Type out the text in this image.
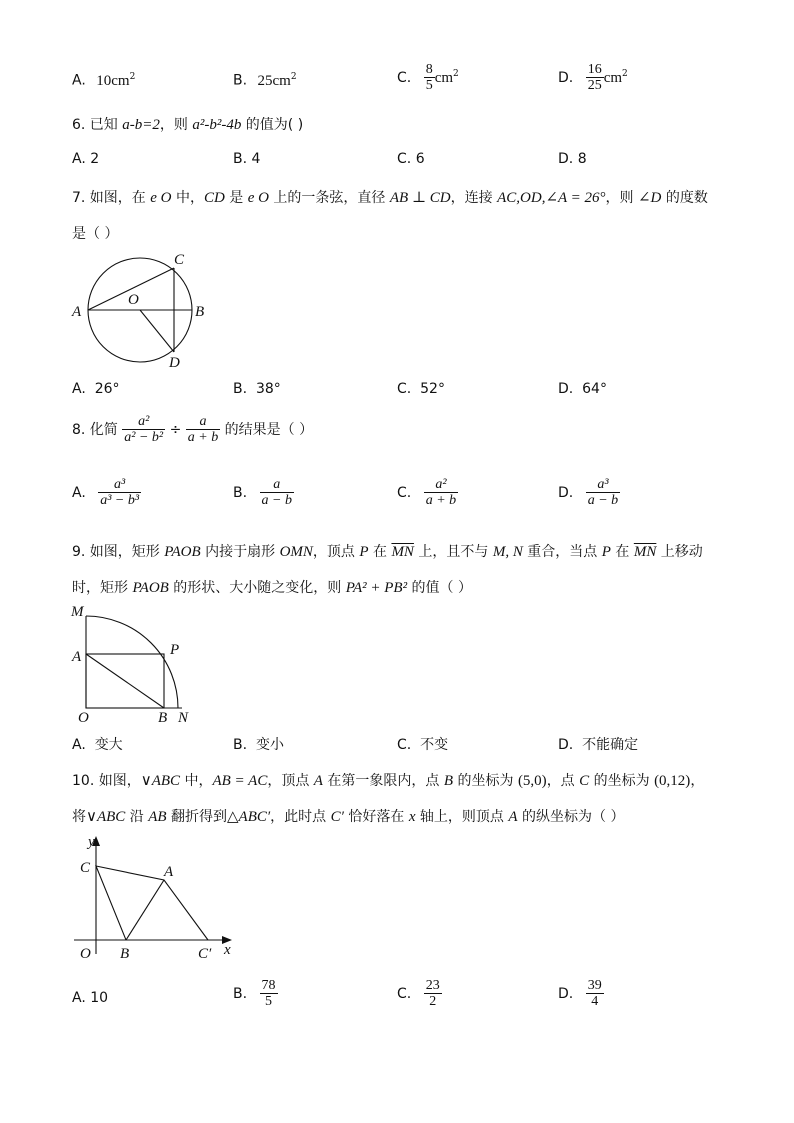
A. $10cm^2$	B. $25cm^2$	C. $\frac{8}{5} cm^2$	D. $\frac{16}{25} cm^2$
6. 已知 a-b=2，则 a²-b²-4b 的值为( )
A. 2	B. 4	C. 6	D. 8
7. 如图，在 e O 中，CD 是 e O 上的一条弦，直径 AB ⊥ CD，连接 AC,OD,∠A = 26°，则 ∠D 的度数
是（ ）
A	B
C
D
O
A. 26°	B. 38°	C. 52°	D. 64°
8. 化简 $\frac{\text{a²}}{\text{a² − b²}} \div \frac{a}{a + b}$ 的结果是（ ）
A. $\frac{\text{a³}}{\text{a³ − b³}}$	B. $\frac{a}{a - b}$	C. $\frac{\text{a²}}{a + b}$	D. $\frac{\text{a³}}{a - b}$
9. 如图，矩形 PAOB 内接于扇形 OMN，顶点 P 在 $\overline{MN}$ 上，且不与 M, N 重合，当点 P 在 $\overline{MN}$ 上移动
时，矩形 PAOB 的形状、大小随之变化，则 PA² + PB² 的值（ ）
M
A	P
O	B N
A. 变大	B. 变小	C. 不变	D. 不能确定
10. 如图，∨ABC 中，AB = AC，顶点 A 在第一象限内，点 B 的坐标为 (5,0)，点 C 的坐标为 (0,12)，
将∨ABC 沿 AB 翻折得到△ABC′，此时点 C′ 恰好落在 x 轴上，则顶点 A 的纵坐标为（ ）
y
C	A
O B	C′ x
A. 10	B. $\frac{78}{5}$	C. $\frac{23}{2}$	D. $\frac{39}{4}$
